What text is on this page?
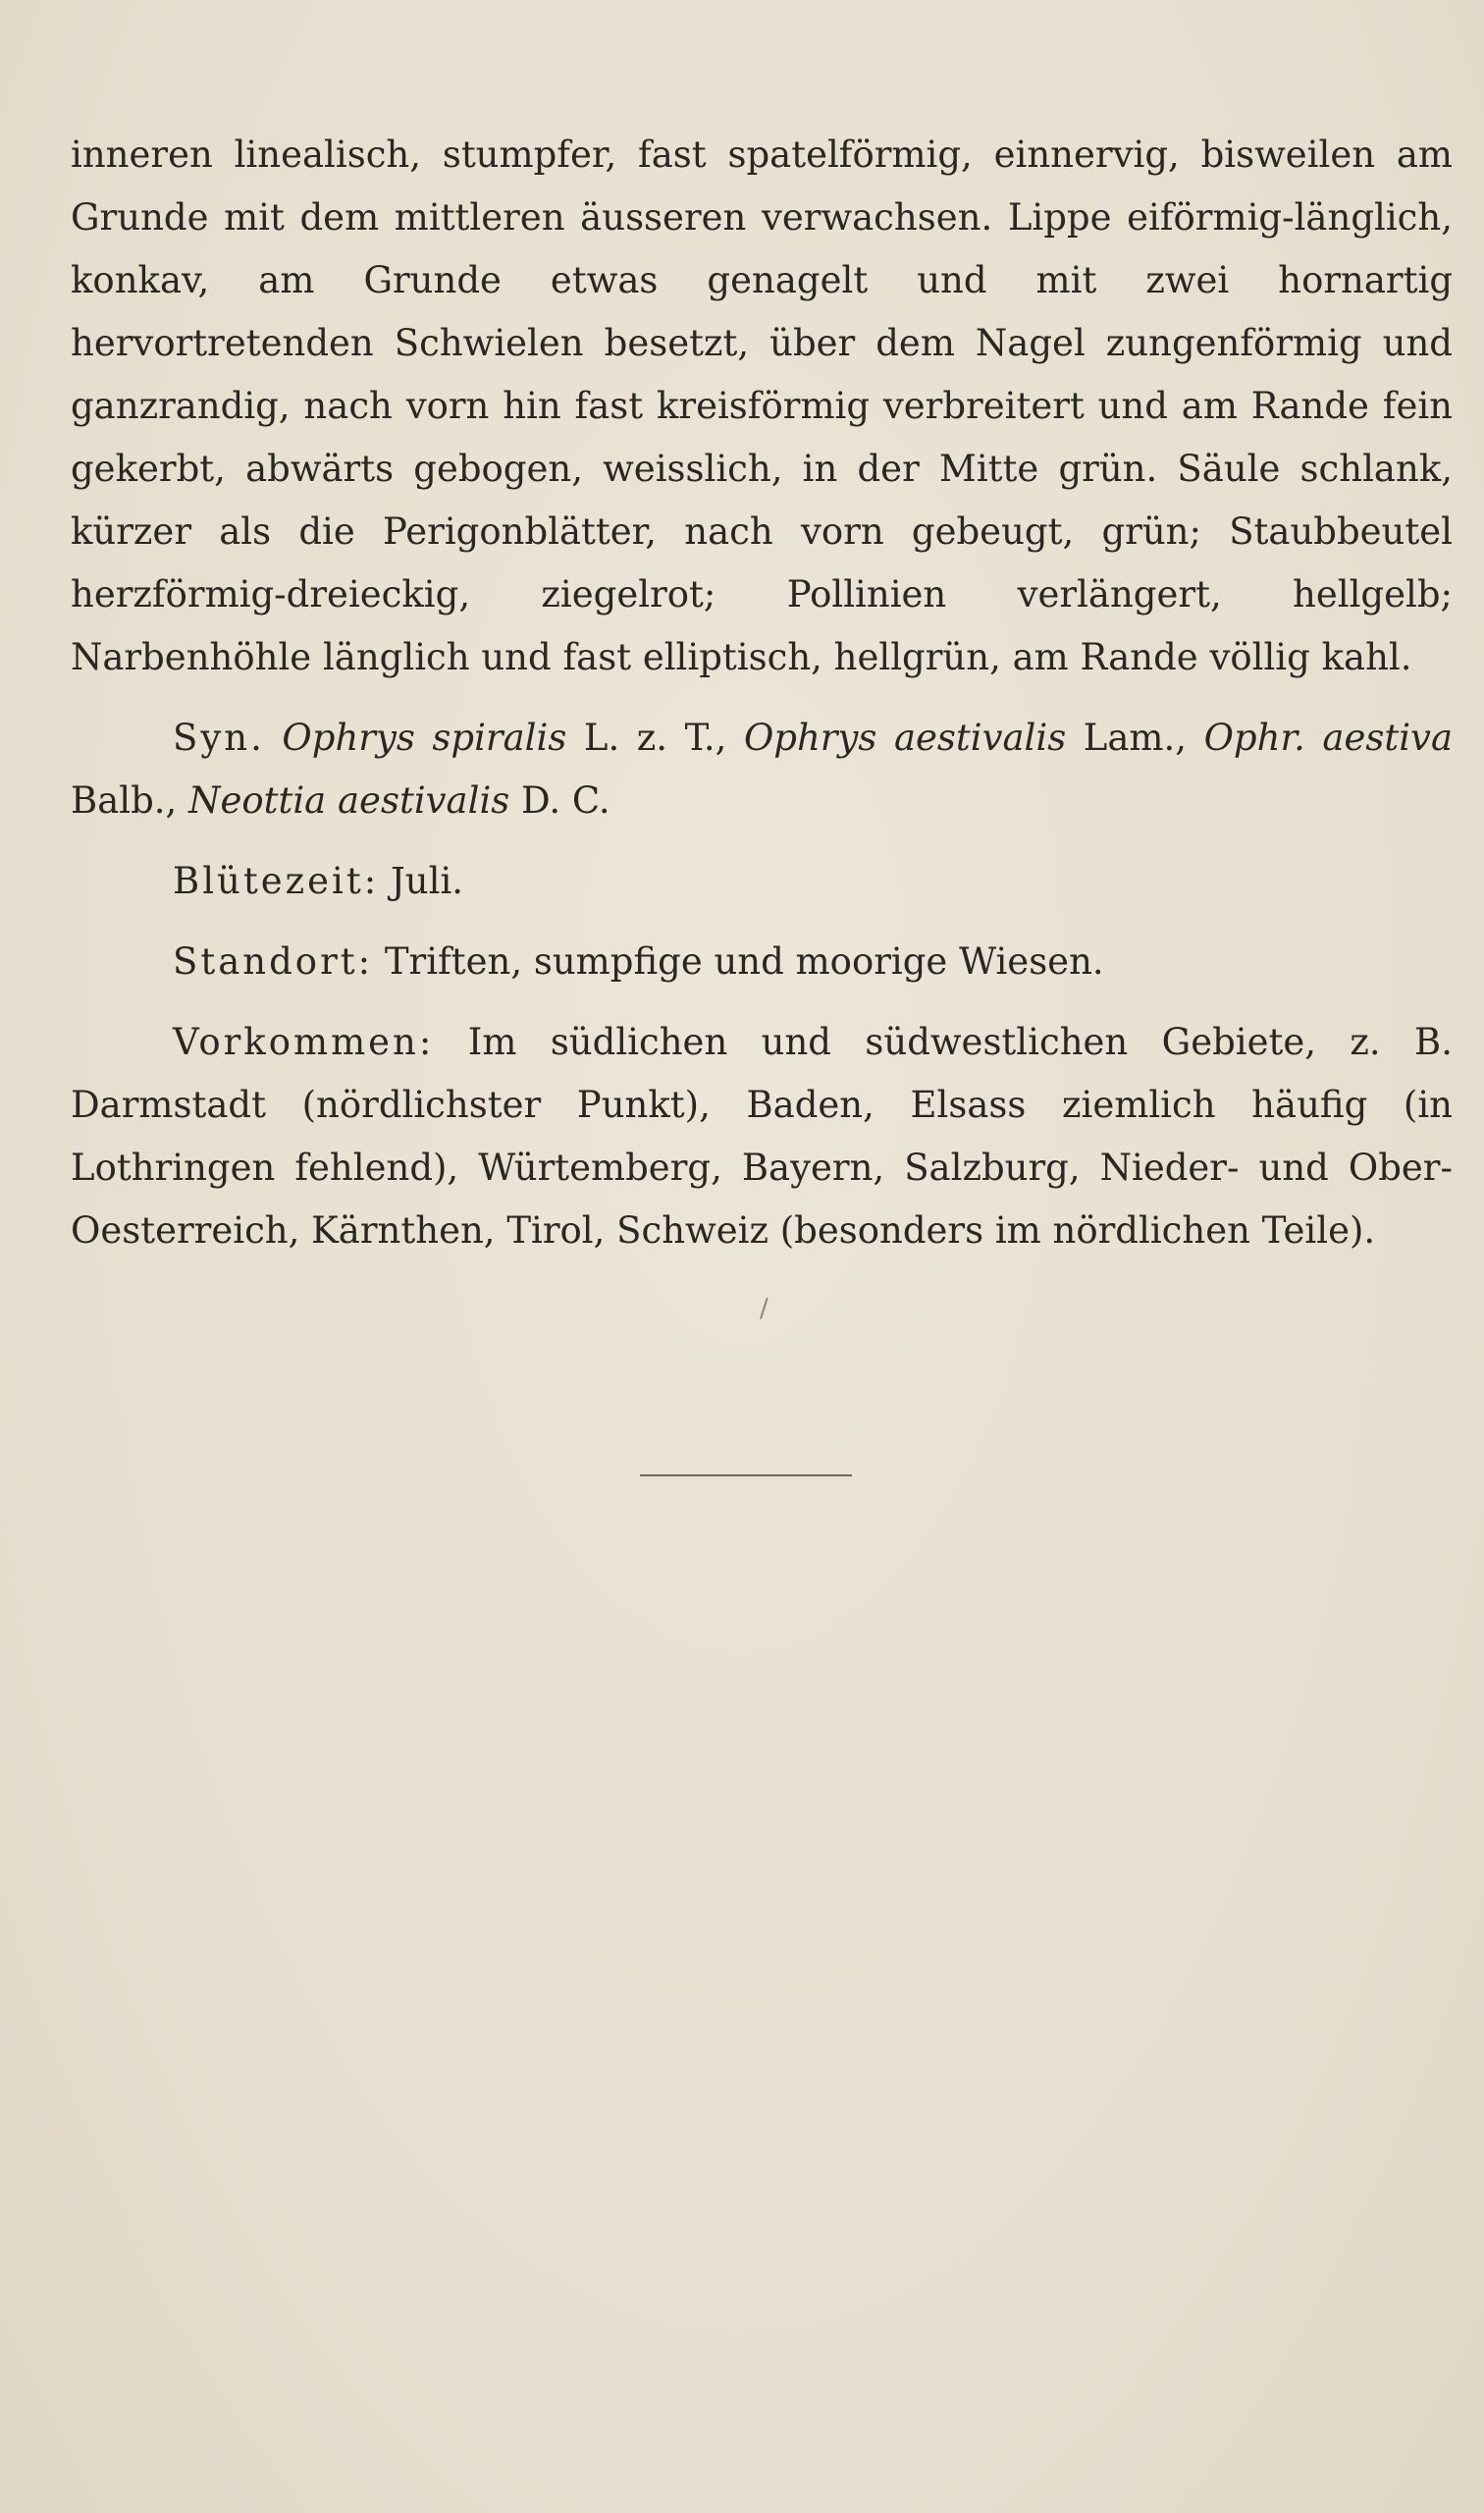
inneren linealisch, stumpfer, fast spatelförmig, einnervig, bisweilen am Grunde mit dem mittleren äusseren verwachsen. Lippe eiförmig-länglich, konkav, am Grunde etwas genagelt und mit zwei hornartig hervortretenden Schwielen besetzt, über dem Nagel zungenförmig und ganzrandig, nach vorn hin fast kreisförmig verbreitert und am Rande fein gekerbt, abwärts gebogen, weisslich, in der Mitte grün. Säule schlank, kürzer als die Perigonblätter, nach vorn gebeugt, grün; Staubbeutel herzförmig-dreieckig, ziegelrot; Pollinien verlängert, hellgelb; Narbenhöhle länglich und fast elliptisch, hellgrün, am Rande völlig kahl.

Syn. Ophrys spiralis L. z. T., Ophrys aestivalis Lam., Ophr. aestiva Balb., Neottia aestivalis D. C.

Blütezeit: Juli.

Standort: Triften, sumpfige und moorige Wiesen.

Vorkommen: Im südlichen und südwestlichen Gebiete, z. B. Darmstadt (nördlichster Punkt), Baden, Elsass ziemlich häufig (in Lothringen fehlend), Würtemberg, Bayern, Salzburg, Nieder- und Ober-Oesterreich, Kärnthen, Tirol, Schweiz (besonders im nördlichen Teile).

/
